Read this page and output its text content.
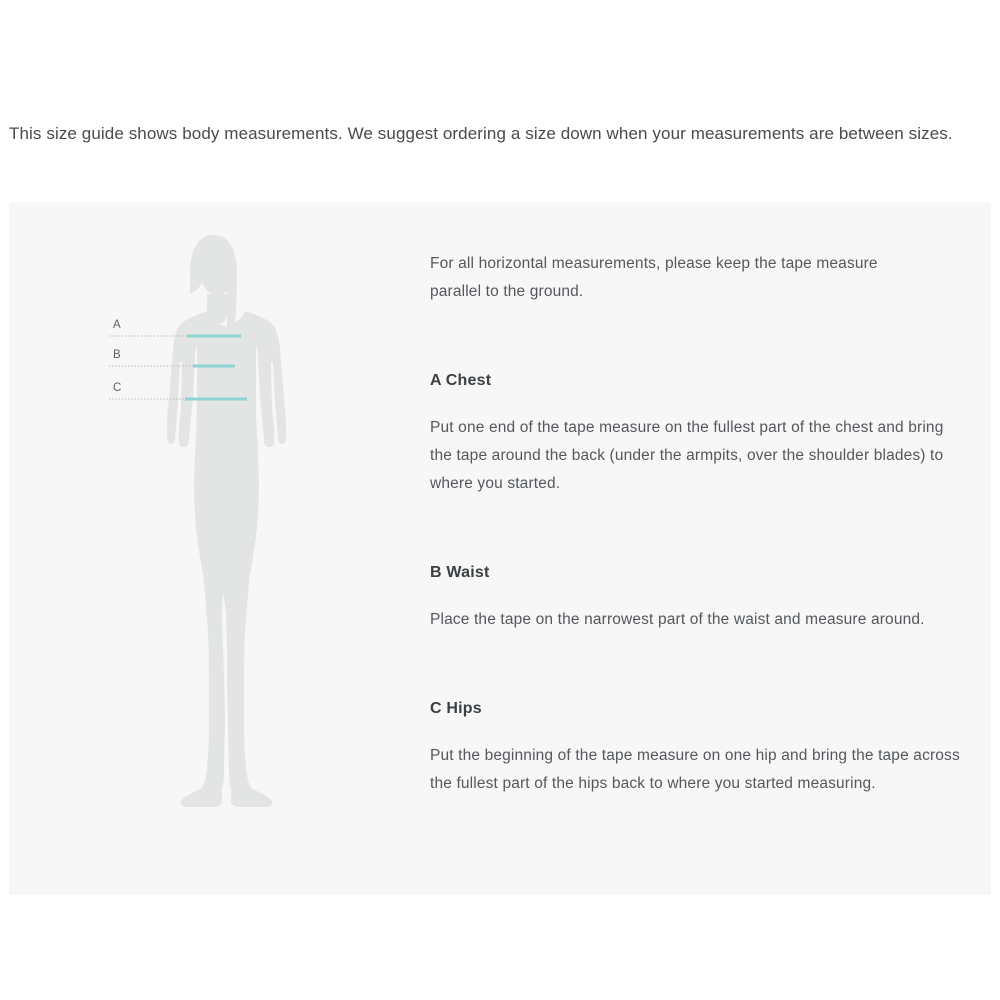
This size guide shows body measurements. We suggest ordering a size down when your measurements are between sizes.

A
B
C

For all horizontal measurements, please keep the tape measure parallel to the ground.

A Chest

Put one end of the tape measure on the fullest part of the chest and bring the tape around the back (under the armpits, over the shoulder blades) to where you started.

B Waist

Place the tape on the narrowest part of the waist and measure around.

C Hips

Put the beginning of the tape measure on one hip and bring the tape across the fullest part of the hips back to where you started measuring.
